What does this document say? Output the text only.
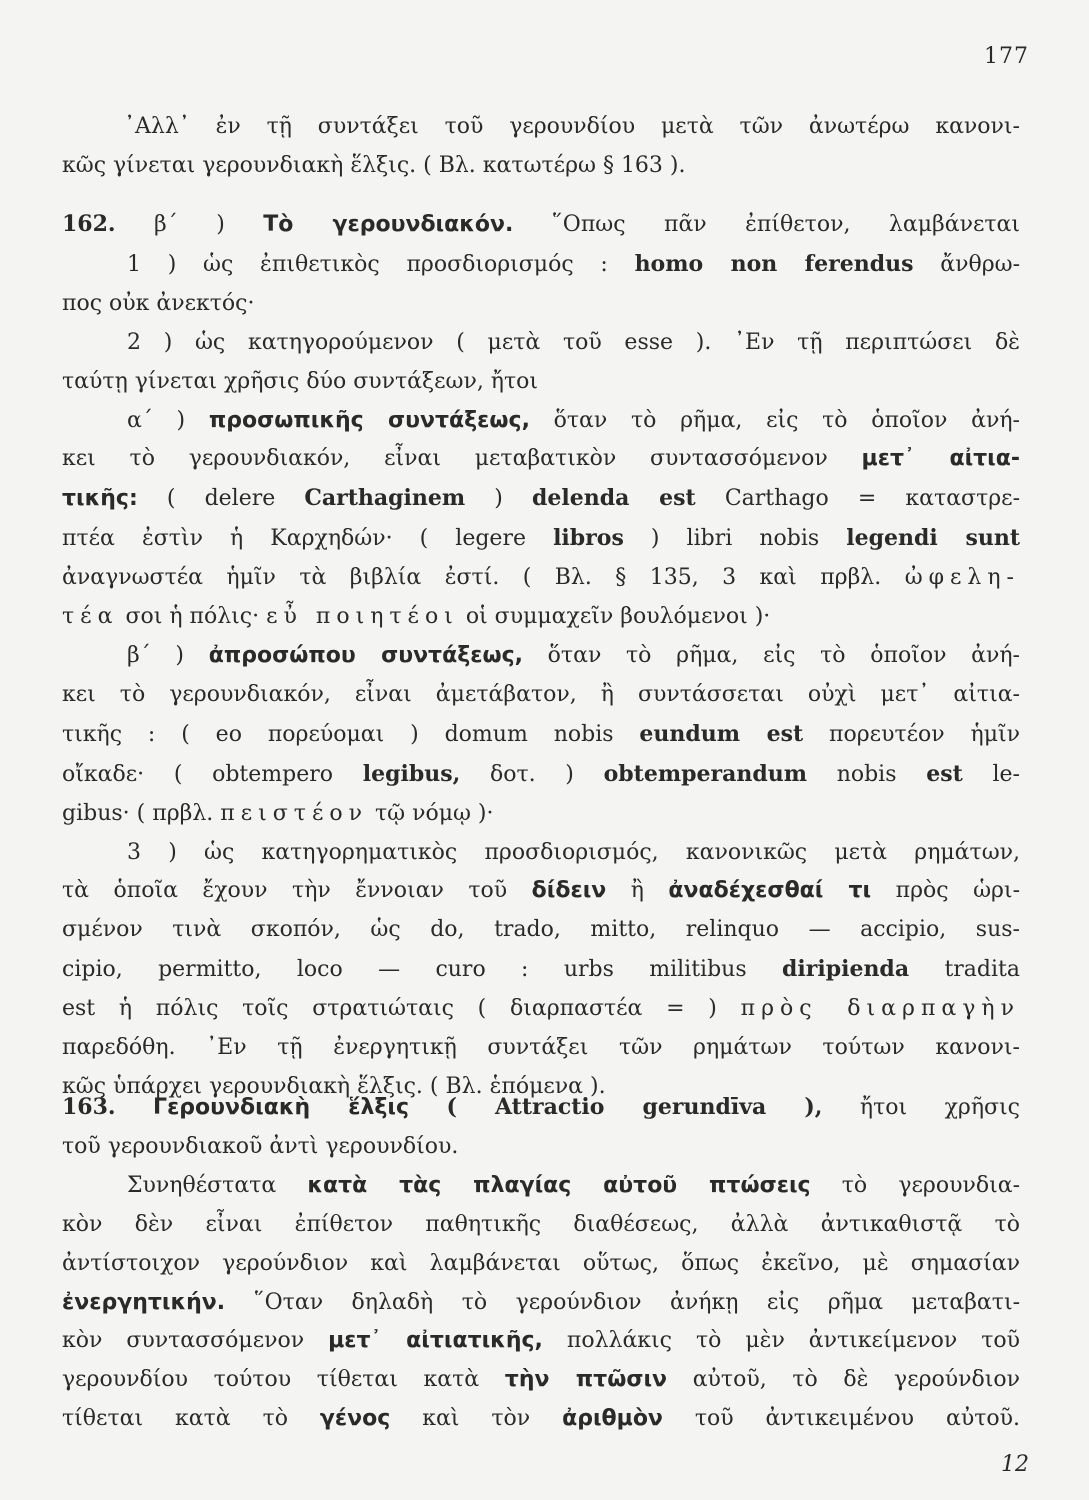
177
᾿Αλλ᾿ ἐν τῇ συντάξει τοῦ γερουνδίου μετὰ τῶν ἀνωτέρω κανονι-
κῶς γίνεται γερουνδιακὴ ἕλξις. ( Βλ. κατωτέρω § 163 ).
162. β΄ ) Τὸ γερουνδιακόν. ῞Οπως πᾶν ἐπίθετον, λαμβάνεται
1 ) ὡς ἐπιθετικὸς προσδιορισμός : homo non ferendus ἄνθρω-
πος οὐκ ἀνεκτός·
2 ) ὡς κατηγορούμενον ( μετὰ τοῦ esse ). ᾿Εν τῇ περιπτώσει δὲ
ταύτῃ γίνεται χρῆσις δύο συντάξεων, ἤτοι
α΄ ) προσωπικῆς συντάξεως, ὅταν τὸ ρῆμα, εἰς τὸ ὁποῖον ἀνή-
κει τὸ γερουνδιακόν, εἶναι μεταβατικὸν συντασσόμενον μετ᾿ αἰτια-
τικῆς: ( delere Carthaginem ) delenda est Carthago = καταστρε-
πτέα ἐστὶν ἡ Καρχηδών· ( legere libros ) libri nobis legendi sunt
ἀναγνωστέα ἡμῖν τὰ βιβλία ἐστί. ( Βλ. § 135, 3 καὶ πρβλ. ὠφελη-
τέα σοι ἡ πόλις· εὖ ποιητέοι οἱ συμμαχεῖν βουλόμενοι )·
β΄ ) ἀπροσώπου συντάξεως, ὅταν τὸ ρῆμα, εἰς τὸ ὁποῖον ἀνή-
κει τὸ γερουνδιακόν, εἶναι ἀμετάβατον, ἢ συντάσσεται οὐχὶ μετ᾿ αἰτια-
τικῆς : ( eo πορεύομαι ) domum nobis eundum est πορευτέον ἡμῖν
οἴκαδε· ( obtempero legibus, δοτ. ) obtemperandum nobis est le-
gibus· ( πρβλ. πειστέον τῷ νόμῳ )·
3 ) ὡς κατηγορηματικὸς προσδιορισμός, κανονικῶς μετὰ ρημάτων,
τὰ ὁποῖα ἔχουν τὴν ἔννοιαν τοῦ δίδειν ἢ ἀναδέχεσθαί τι πρὸς ὡρι-
σμένον τινὰ σκοπόν, ὡς do, trado, mitto, relinquo — accipio, sus-
cipio, permitto, loco — curo : urbs militibus diripienda tradita
est ἡ πόλις τοῖς στρατιώταις ( διαρπαστέα = ) πρὸς διαρπαγὴν
παρεδόθη. ᾿Εν τῇ ἐνεργητικῇ συντάξει τῶν ρημάτων τούτων κανονι-
κῶς ὑπάρχει γερουνδιακὴ ἕλξις. ( Βλ. ἑπόμενα ).
163. Γερουνδιακὴ ἕλξις ( Attractio gerundīva ), ἤτοι χρῆσις
τοῦ γερουνδιακοῦ ἀντὶ γερουνδίου.
Συνηθέστατα κατὰ τὰς πλαγίας αὐτοῦ πτώσεις τὸ γερουνδια-
κὸν δὲν εἶναι ἐπίθετον παθητικῆς διαθέσεως, ἀλλὰ ἀντικαθιστᾷ τὸ
ἀντίστοιχον γερούνδιον καὶ λαμβάνεται οὕτως, ὅπως ἐκεῖνο, μὲ σημασίαν
ἐνεργητικήν. ῞Οταν δηλαδὴ τὸ γερούνδιον ἀνήκῃ εἰς ρῆμα μεταβατι-
κὸν συντασσόμενον μετ᾿ αἰτιατικῆς, πολλάκις τὸ μὲν ἀντικείμενον τοῦ
γερουνδίου τούτου τίθεται κατὰ τὴν πτῶσιν αὐτοῦ, τὸ δὲ γερούνδιον
τίθεται κατὰ τὸ γένος καὶ τὸν ἀριθμὸν τοῦ ἀντικειμένου αὐτοῦ.
12
